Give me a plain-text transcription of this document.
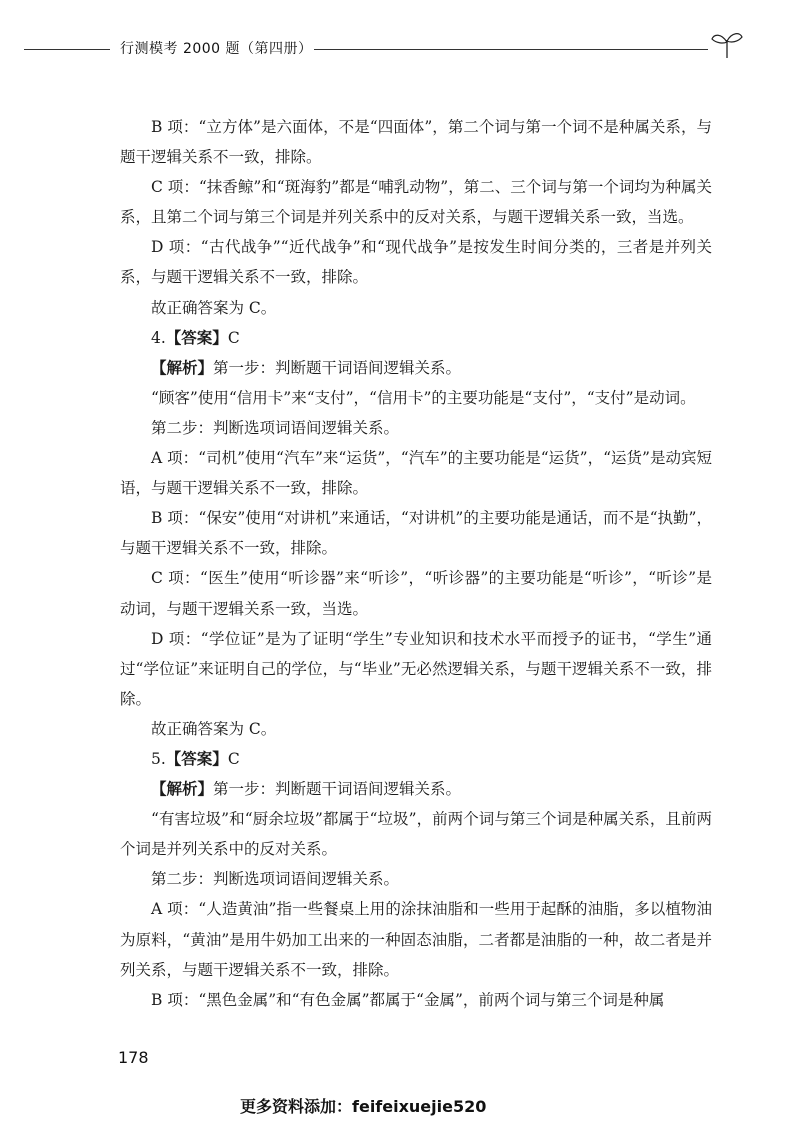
行测模考 2000 题（第四册）

B 项：“立方体”是六面体，不是“四面体”，第二个词与第一个词不是种属关系，与题干逻辑关系不一致，排除。

C 项：“抹香鲸”和“斑海豹”都是“哺乳动物”，第二、三个词与第一个词均为种属关系，且第二个词与第三个词是并列关系中的反对关系，与题干逻辑关系一致，当选。

D 项：“古代战争”“近代战争”和“现代战争”是按发生时间分类的，三者是并列关系，与题干逻辑关系不一致，排除。

故正确答案为 C。

4.【答案】C

【解析】第一步：判断题干词语间逻辑关系。

“顾客”使用“信用卡”来“支付”，“信用卡”的主要功能是“支付”，“支付”是动词。

第二步：判断选项词语间逻辑关系。

A 项：“司机”使用“汽车”来“运货”，“汽车”的主要功能是“运货”，“运货”是动宾短语，与题干逻辑关系不一致，排除。

B 项：“保安”使用“对讲机”来通话，“对讲机”的主要功能是通话，而不是“执勤”，与题干逻辑关系不一致，排除。

C 项：“医生”使用“听诊器”来“听诊”，“听诊器”的主要功能是“听诊”，“听诊”是动词，与题干逻辑关系一致，当选。

D 项：“学位证”是为了证明“学生”专业知识和技术水平而授予的证书，“学生”通过“学位证”来证明自己的学位，与“毕业”无必然逻辑关系，与题干逻辑关系不一致，排除。

故正确答案为 C。

5.【答案】C

【解析】第一步：判断题干词语间逻辑关系。

“有害垃圾”和“厨余垃圾”都属于“垃圾”，前两个词与第三个词是种属关系，且前两个词是并列关系中的反对关系。

第二步：判断选项词语间逻辑关系。

A 项：“人造黄油”指一些餐桌上用的涂抹油脂和一些用于起酥的油脂，多以植物油为原料，“黄油”是用牛奶加工出来的一种固态油脂，二者都是油脂的一种，故二者是并列关系，与题干逻辑关系不一致，排除。

B 项：“黑色金属”和“有色金属”都属于“金属”，前两个词与第三个词是种属

178
更多资料添加：feifeixuejie520
